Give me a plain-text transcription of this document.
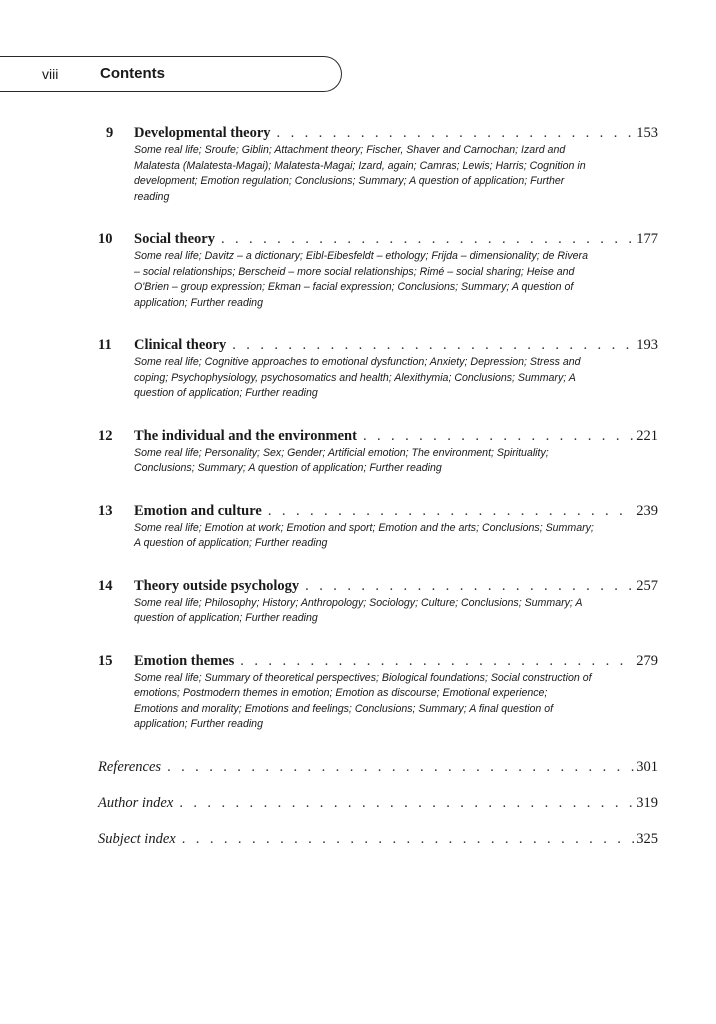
viii	Contents
9	Developmental theory . . .	153
Some real life; Sroufe; Giblin; Attachment theory; Fischer, Shaver and Carnochan; Izard and Malatesta (Malatesta-Magai); Malatesta-Magai; Izard, again; Camras; Lewis; Harris; Cognition in development; Emotion regulation; Conclusions; Summary; A question of application; Further reading
10	Social theory . . .	177
Some real life; Davitz – a dictionary; Eibl-Eibesfeldt – ethology; Frijda – dimensionality; de Rivera – social relationships; Berscheid – more social relationships; Rimé – social sharing; Heise and O'Brien – group expression; Ekman – facial expression; Conclusions; Summary; A question of application; Further reading
11	Clinical theory . . .	193
Some real life; Cognitive approaches to emotional dysfunction; Anxiety; Depression; Stress and coping; Psychophysiology, psychosomatics and health; Alexithymia; Conclusions; Summary; A question of application; Further reading
12	The individual and the environment . . .	221
Some real life; Personality; Sex; Gender; Artificial emotion; The environment; Spirituality; Conclusions; Summary; A question of application; Further reading
13	Emotion and culture . . .	239
Some real life; Emotion at work; Emotion and sport; Emotion and the arts; Conclusions; Summary; A question of application; Further reading
14	Theory outside psychology . . .	257
Some real life; Philosophy; History; Anthropology; Sociology; Culture; Conclusions; Summary; A question of application; Further reading
15	Emotion themes . . .	279
Some real life; Summary of theoretical perspectives; Biological foundations; Social construction of emotions; Postmodern themes in emotion; Emotion as discourse; Emotional experience; Emotions and morality; Emotions and feelings; Conclusions; Summary; A final question of application; Further reading
References . . .	301
Author index . . .	319
Subject index . . .	325
